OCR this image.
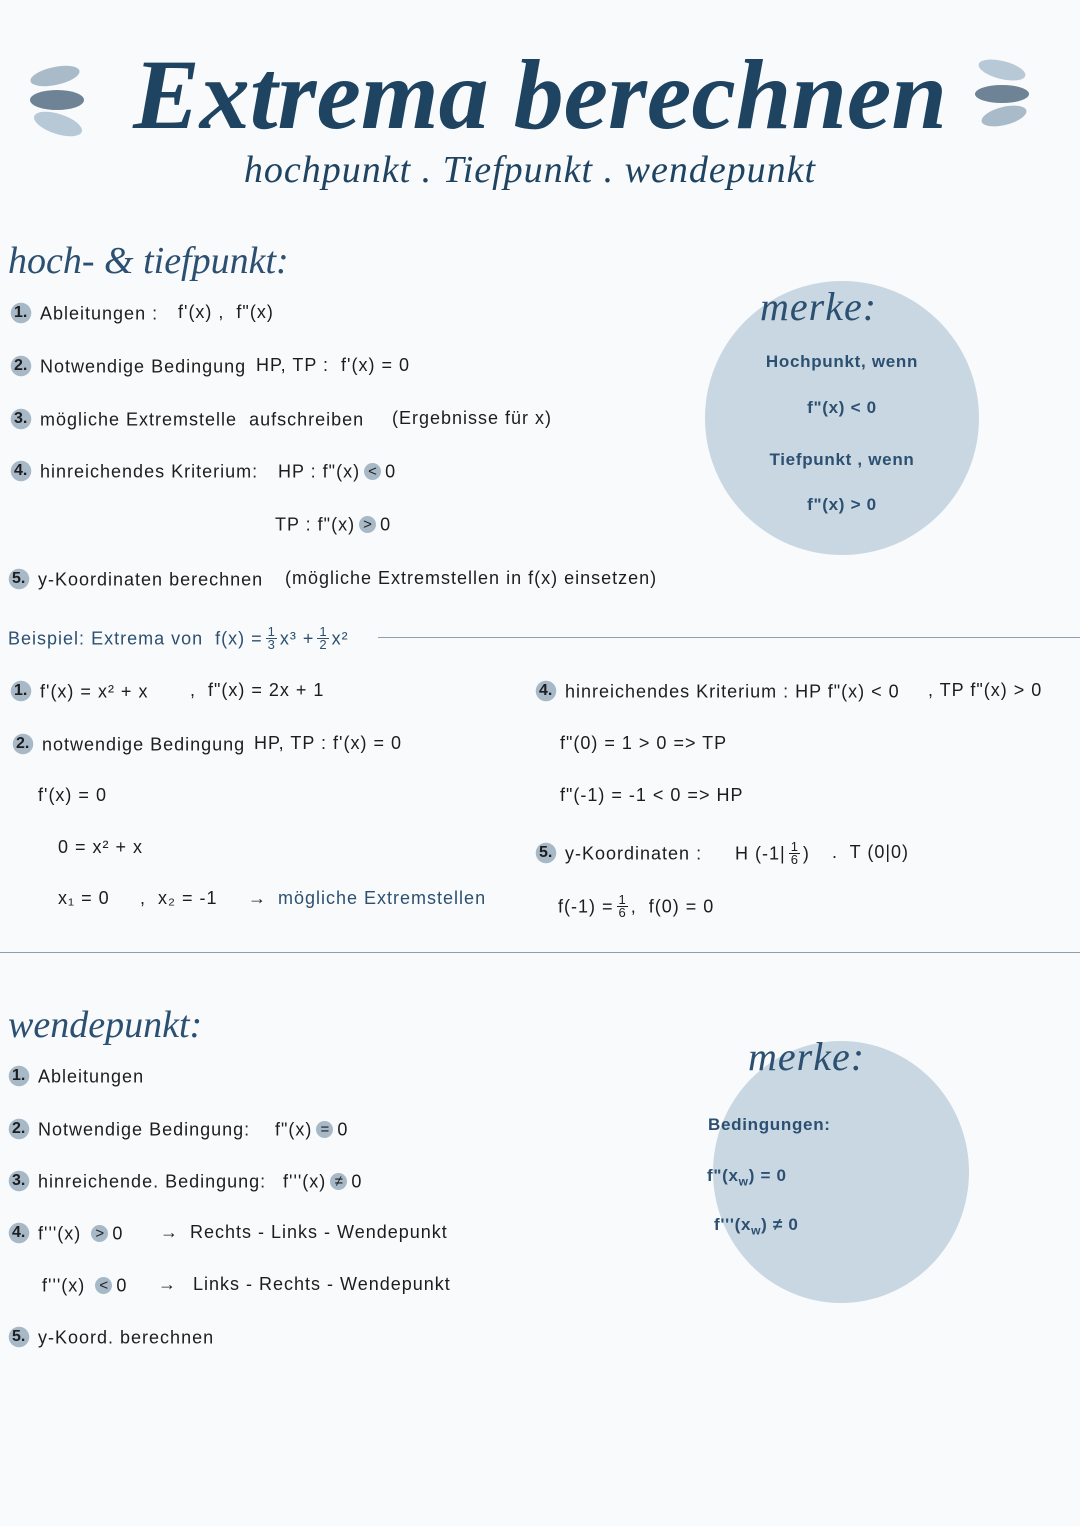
Extrema berechnen
hochpunkt . Tiefpunkt . wendepunkt
hoch- & tiefpunkt:
1. Ableitungen : f'(x) ,  f"(x)
2. Notwendige Bedingung HP, TP :  f'(x) = 0
3. mögliche Extremstelle  aufschreiben (Ergebnisse für x)
4. hinreichendes Kriterium: HP : f"(x) < 0
TP : f"(x) > 0
5. y-Koordinaten berechnen (mögliche Extremstellen in f(x) einsetzen)
merke:
Hochpunkt, wenn
f"(x) < 0
Tiefpunkt , wenn
f"(x) > 0
Beispiel: Extrema von  $f(x) = \frac{1}{3} x^3 + \frac{1}{2} x^2$
1. f'(x) = x² + x ,  f"(x) = 2x + 1
2. notwendige Bedingung HP, TP : f'(x) = 0
f'(x) = 0
0 = x² + x
x₁ = 0 ,  x₂ = -1 → mögliche Extremstellen
4. hinreichendes Kriterium : HP f"(x) < 0 , TP f"(x) > 0
f"(0) = 1 > 0 => TP
f"(-1) = -1 < 0 => HP
5. y-Koordinaten : H ($-1| \frac{1}{6}$ ) .  T (0|0)
$f(-1) = \frac{1}{6}$ ,  f(0) = 0
wendepunkt:
1. Ableitungen
2. Notwendige Bedingung: f"(x) = 0
3. hinreichende. Bedingung: f'''(x) ≠ 0
4. f'''(x) > 0 → Rechts - Links - Wendepunkt
f'''(x) < 0 → Links - Rechts - Wendepunkt
5. y-Koord. berechnen
merke:
Bedingungen:
$f"(x_w) = 0$
$f'''(x_w) \ne 0$
